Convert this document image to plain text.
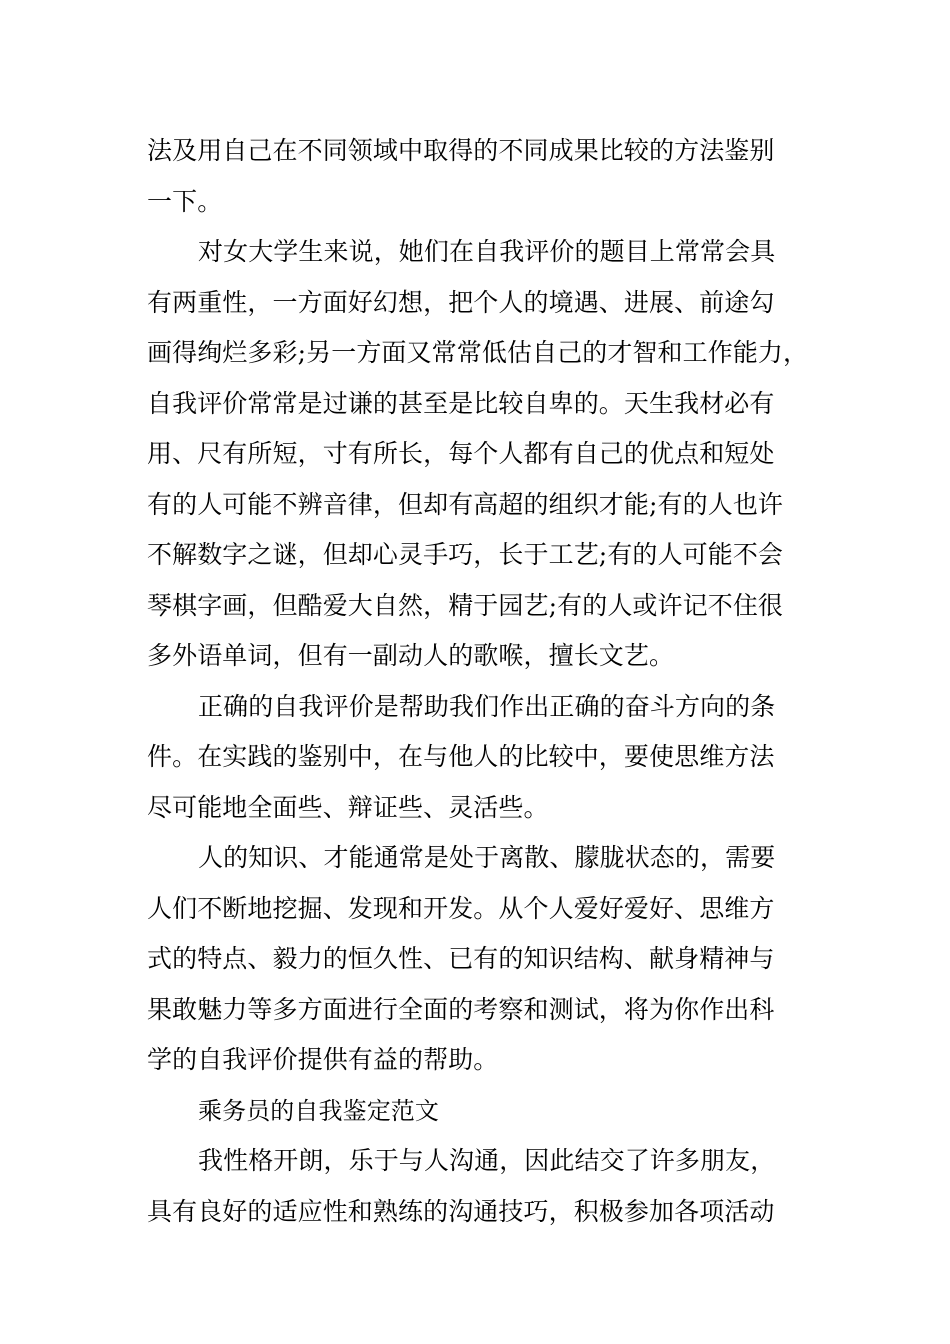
法及用自己在不同领域中取得的不同成果比较的方法鉴别
一下。
对女大学生来说，她们在自我评价的题目上常常会具
有两重性，一方面好幻想，把个人的境遇、进展、前途勾
画得绚烂多彩;另一方面又常常低估自己的才智和工作能力，
自我评价常常是过谦的甚至是比较自卑的。天生我材必有
用、尺有所短，寸有所长，每个人都有自己的优点和短处
有的人可能不辨音律，但却有高超的组织才能;有的人也许
不解数字之谜，但却心灵手巧，长于工艺;有的人可能不会
琴棋字画，但酷爱大自然，精于园艺;有的人或许记不住很
多外语单词，但有一副动人的歌喉，擅长文艺。
正确的自我评价是帮助我们作出正确的奋斗方向的条
件。在实践的鉴别中，在与他人的比较中，要使思维方法
尽可能地全面些、辩证些、灵活些。
人的知识、才能通常是处于离散、朦胧状态的，需要
人们不断地挖掘、发现和开发。从个人爱好爱好、思维方
式的特点、毅力的恒久性、已有的知识结构、献身精神与
果敢魅力等多方面进行全面的考察和测试，将为你作出科
学的自我评价提供有益的帮助。
乘务员的自我鉴定范文
我性格开朗，乐于与人沟通，因此结交了许多朋友，
具有良好的适应性和熟练的沟通技巧，积极参加各项活动
